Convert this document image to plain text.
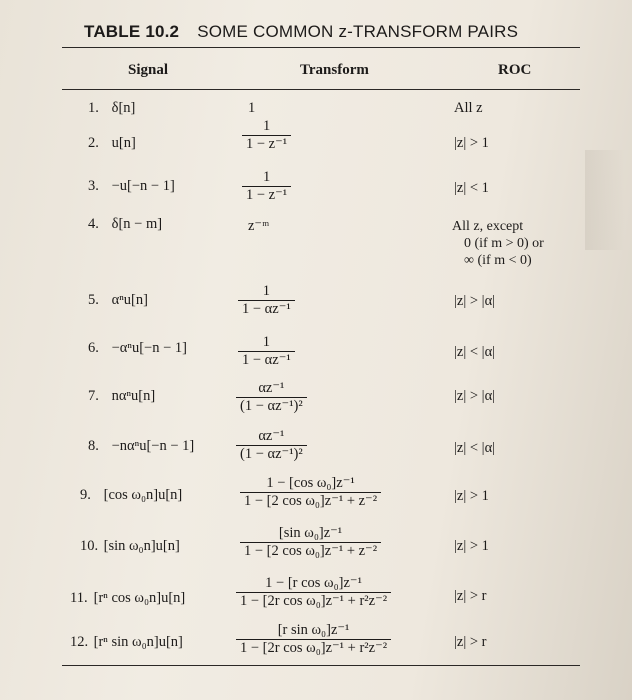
TABLE 10.2 SOME COMMON z-TRANSFORM PAIRS
Signal	Transform	ROC
1. δ[n]	1	All z
2. u[n]	$\frac{1}{\text{1 − z⁻¹}}$	|z| > 1
3. −u[−n − 1]	$\frac{1}{\text{1 − z⁻¹}}$	|z| < 1
4. δ[n − m]	z⁻ᵐ	All z, except
0 (if m > 0) or
∞ (if m < 0)
5. αⁿu[n]	$\frac{1}{\text{1 − αz⁻¹}}$	|z| > |α|
6. −αⁿu[−n − 1]	$\frac{1}{\text{1 − αz⁻¹}}$	|z| < |α|
7. nαⁿu[n]	$\frac{\text{αz⁻¹}}{\text{(1 − αz⁻¹)²}}$	|z| > |α|
8. −nαⁿu[−n − 1]	$\frac{\text{αz⁻¹}}{\text{(1 − αz⁻¹)²}}$	|z| < |α|
9. [cos ω₀n]u[n]	$\frac{\text{1 − [cos ω₀]z⁻¹}}{\text{1 − [2 cos ω₀]z⁻¹ + z⁻²}}$	|z| > 1
10. [sin ω₀n]u[n]	$\frac{\text{[sin ω₀]z⁻¹}}{\text{1 − [2 cos ω₀]z⁻¹ + z⁻²}}$	|z| > 1
11. [rⁿ cos ω₀n]u[n]	$\frac{\text{1 − [r cos ω₀]z⁻¹}}{\text{1 − [2r cos ω₀]z⁻¹ + r²z⁻²}}$	|z| > r
12. [rⁿ sin ω₀n]u[n]	$\frac{\text{[r sin ω₀]z⁻¹}}{\text{1 − [2r cos ω₀]z⁻¹ + r²z⁻²}}$	|z| > r
